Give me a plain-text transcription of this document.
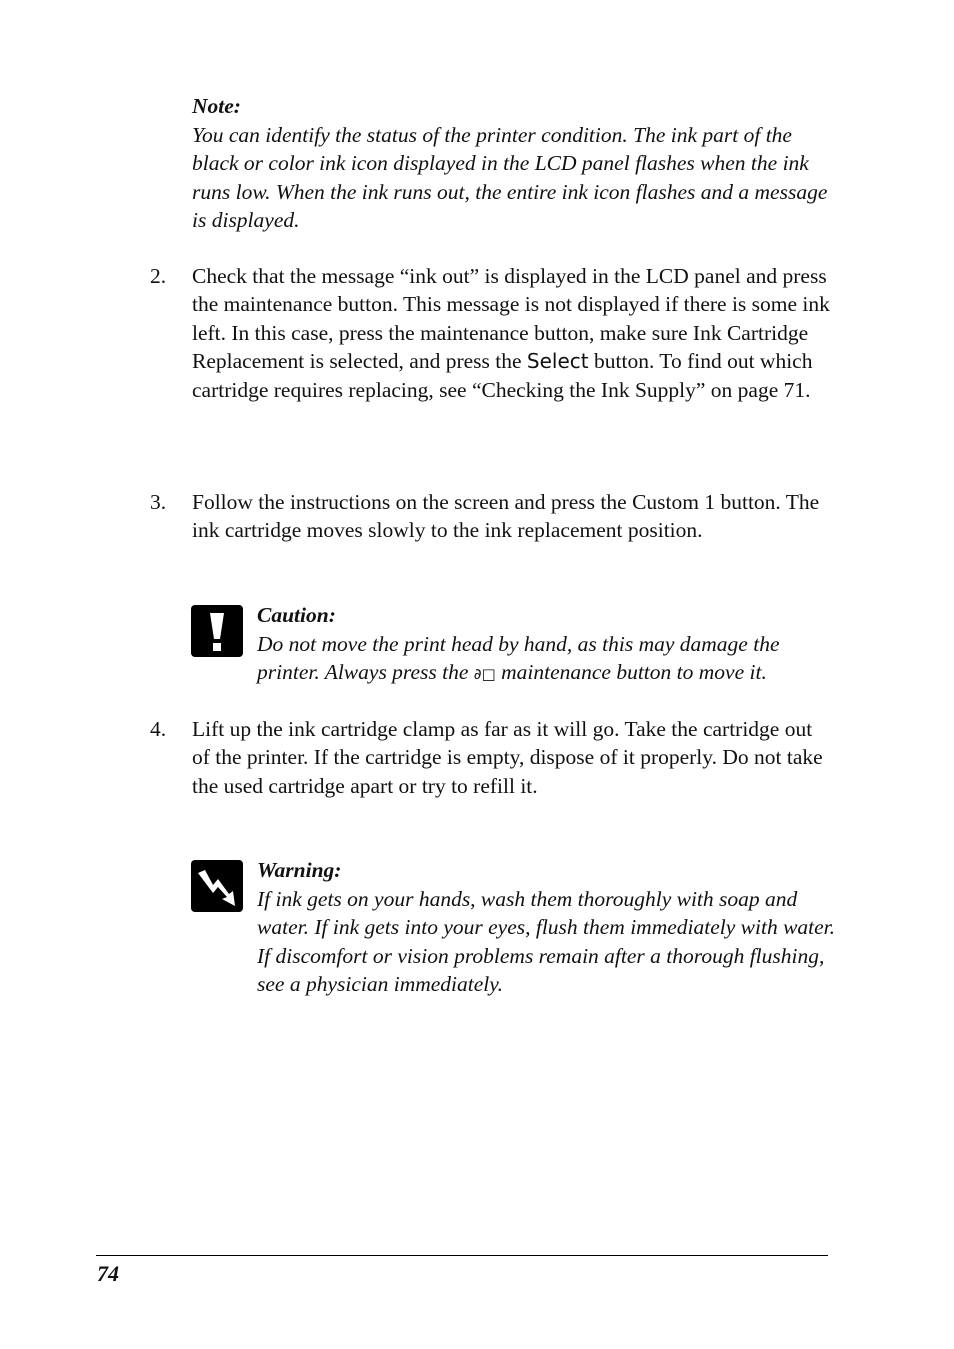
Note:
You can identify the status of the printer condition. The ink part of the black or color ink icon displayed in the LCD panel flashes when the ink runs low. When the ink runs out, the entire ink icon flashes and a message is displayed.
2.	Check that the message “ink out” is displayed in the LCD panel and press the maintenance button. This message is not displayed if there is some ink left. In this case, press the maintenance button, make sure Ink Cartridge Replacement is selected, and press the Select button. To find out which cartridge requires replacing, see “Checking the Ink Supply” on page 71.
3.	Follow the instructions on the screen and press the Custom 1 button. The ink cartridge moves slowly to the ink replacement position.
Caution:
Do not move the print head by hand, as this may damage the printer. Always press the ∂□ maintenance button to move it.
4.	Lift up the ink cartridge clamp as far as it will go. Take the cartridge out of the printer. If the cartridge is empty, dispose of it properly. Do not take the used cartridge apart or try to refill it.
Warning:
If ink gets on your hands, wash them thoroughly with soap and water. If ink gets into your eyes, flush them immediately with water. If discomfort or vision problems remain after a thorough flushing, see a physician immediately.
74
